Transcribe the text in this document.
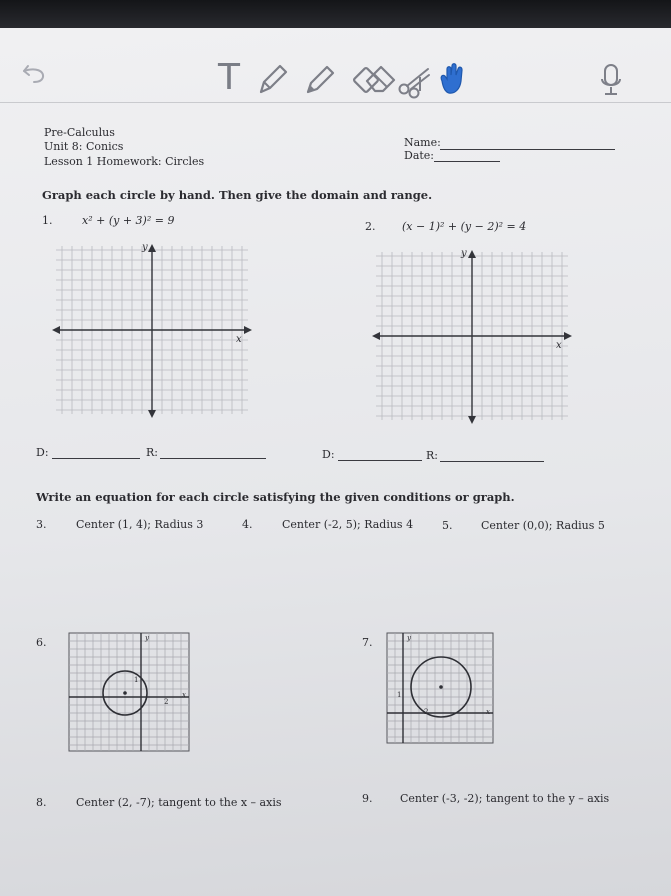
T
Pre-Calculus
Unit 8: Conics
Lesson 1 Homework: Circles
Name:
Date:
Graph each circle by hand. Then give the domain and range.
1.	x² + (y + 3)² = 9	2. (x − 1)² + (y − 2)² = 4
y
x
y
x
D:	R:	D:	R:
Write an equation for each circle satisfying the given conditions or graph.
3.	Center (1, 4); Radius 3	4.	Center (-2, 5); Radius 4	5.	Center (0,0); Radius 5
6.	y
x
1
2
7.	y
x
1
2
8.	Center (2, -7); tangent to the x – axis	9.	Center (-3, -2); tangent to the y – axis
